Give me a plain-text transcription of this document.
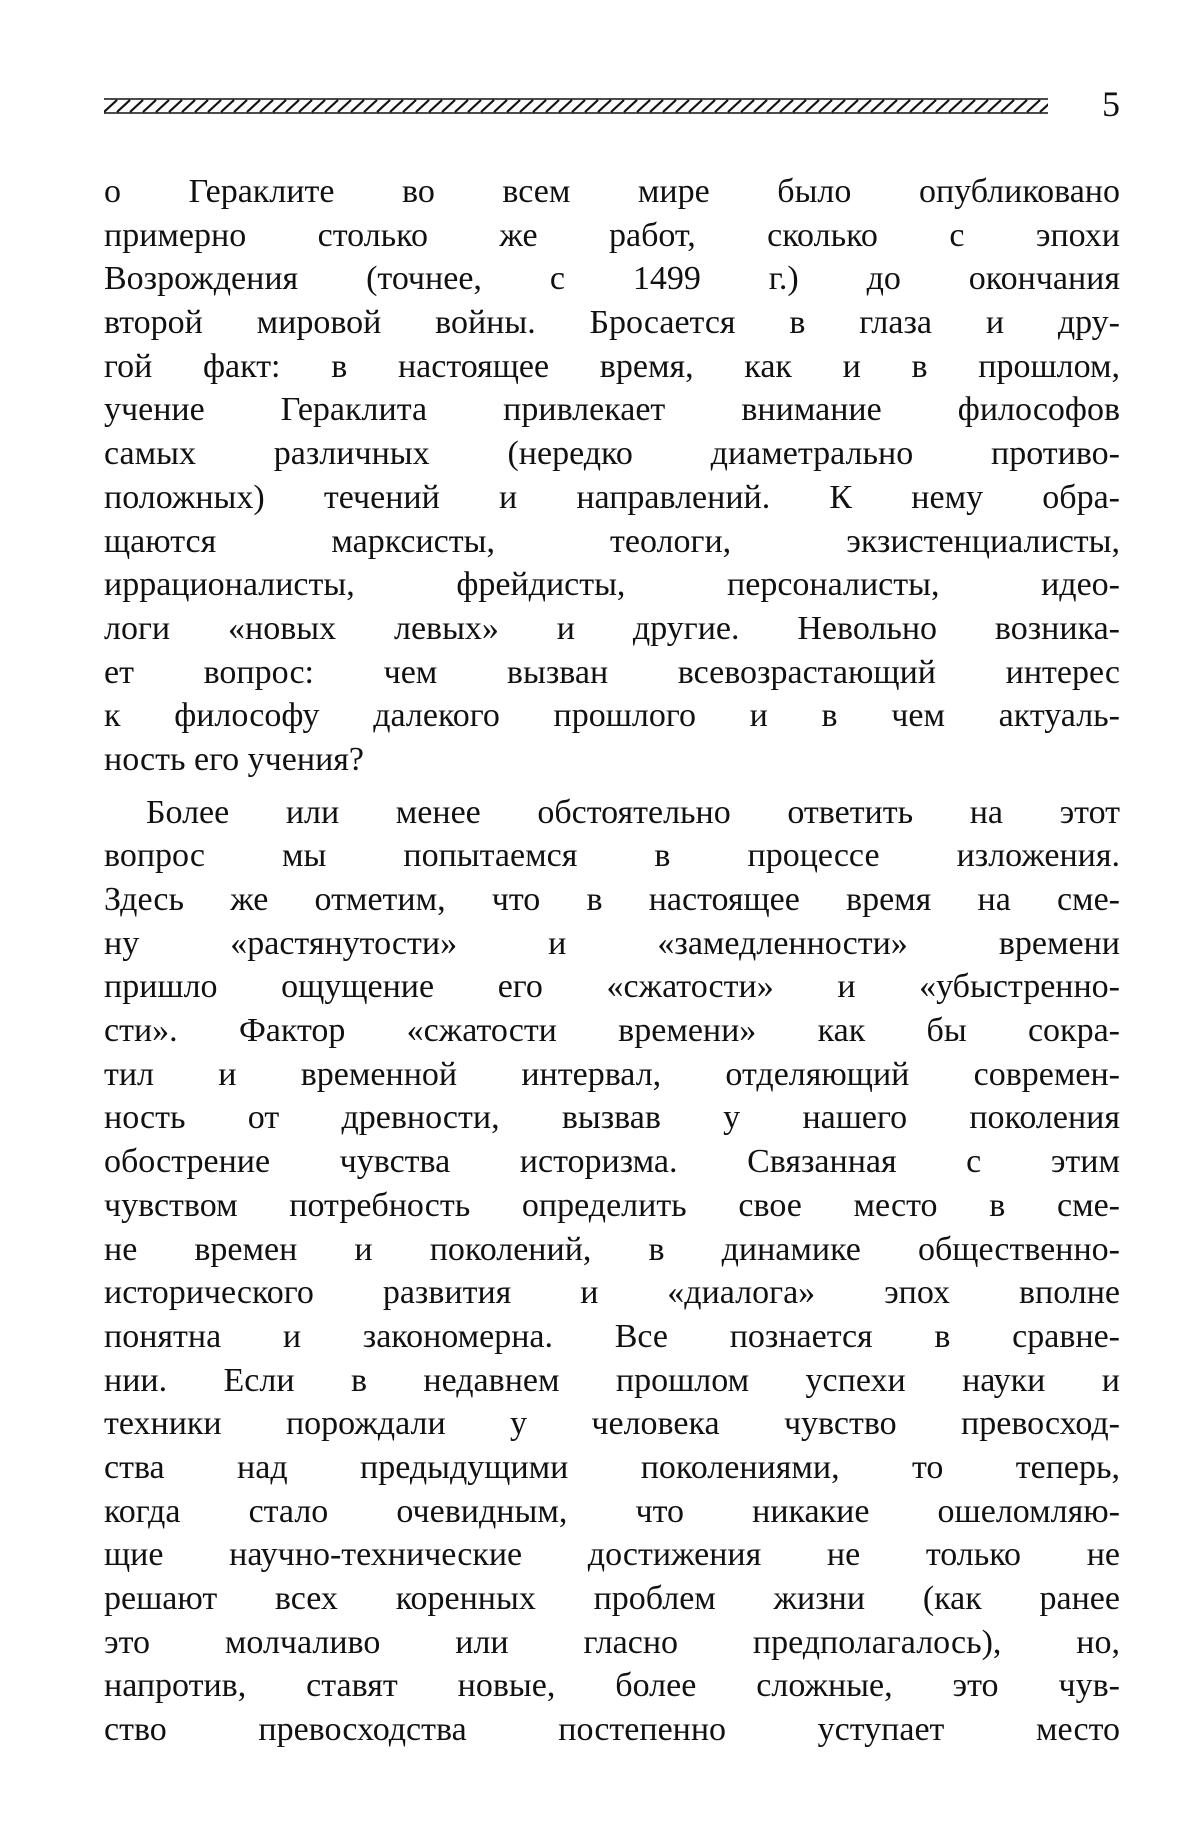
5
о Гераклите во всем мире было опубликовано
примерно столько же работ, сколько с эпохи
Возрождения (точнее, с 1499 г.) до окончания
второй мировой войны. Бросается в глаза и дру-
гой факт: в настоящее время, как и в прошлом,
учение Гераклита привлекает внимание философов
самых различных (нередко диаметрально противо-
положных) течений и направлений. К нему обра-
щаются марксисты, теологи, экзистенциалисты,
иррационалисты, фрейдисты, персоналисты, идео-
логи «новых левых» и другие. Невольно возника-
ет вопрос: чем вызван всевозрастающий интерес
к философу далекого прошлого и в чем актуаль-
ность его учения?
Более или менее обстоятельно ответить на этот
вопрос мы попытаемся в процессе изложения.
Здесь же отметим, что в настоящее время на сме-
ну «растянутости» и «замедленности» времени
пришло ощущение его «сжатости» и «убыстренно-
сти». Фактор «сжатости времени» как бы сокра-
тил и временной интервал, отделяющий современ-
ность от древности, вызвав у нашего поколения
обострение чувства историзма. Связанная с этим
чувством потребность определить свое место в сме-
не времен и поколений, в динамике общественно-
исторического развития и «диалога» эпох вполне
понятна и закономерна. Все познается в сравне-
нии. Если в недавнем прошлом успехи науки и
техники порождали у человека чувство превосход-
ства над предыдущими поколениями, то теперь,
когда стало очевидным, что никакие ошеломляю-
щие научно-технические достижения не только не
решают всех коренных проблем жизни (как ранее
это молчаливо или гласно предполагалось), но,
напротив, ставят новые, более сложные, это чув-
ство превосходства постепенно уступает место
